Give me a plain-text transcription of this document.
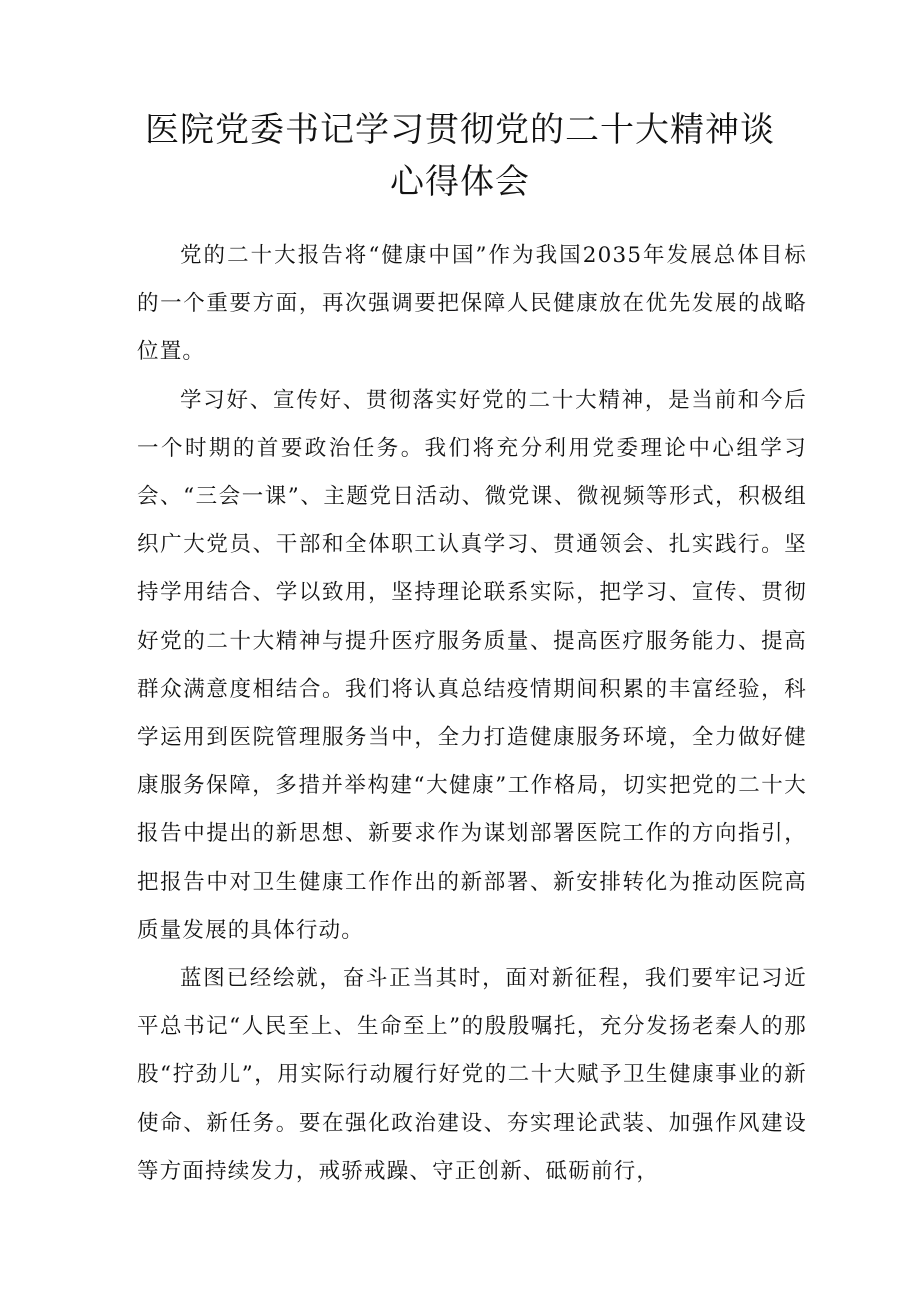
医院党委书记学习贯彻党的二十大精神谈
心得体会

党的二十大报告将“健康中国”作为我国2035年发展总体目标的一个重要方面，再次强调要把保障人民健康放在优先发展的战略位置。

学习好、宣传好、贯彻落实好党的二十大精神，是当前和今后一个时期的首要政治任务。我们将充分利用党委理论中心组学习会、“三会一课”、主题党日活动、微党课、微视频等形式，积极组织广大党员、干部和全体职工认真学习、贯通领会、扎实践行。坚持学用结合、学以致用，坚持理论联系实际，把学习、宣传、贯彻好党的二十大精神与提升医疗服务质量、提高医疗服务能力、提高群众满意度相结合。我们将认真总结疫情期间积累的丰富经验，科学运用到医院管理服务当中，全力打造健康服务环境，全力做好健康服务保障，多措并举构建“大健康”工作格局，切实把党的二十大报告中提出的新思想、新要求作为谋划部署医院工作的方向指引，把报告中对卫生健康工作作出的新部署、新安排转化为推动医院高质量发展的具体行动。

蓝图已经绘就，奋斗正当其时，面对新征程，我们要牢记习近平总书记“人民至上、生命至上”的殷殷嘱托，充分发扬老秦人的那股“拧劲儿”，用实际行动履行好党的二十大赋予卫生健康事业的新使命、新任务。要在强化政治建设、夯实理论武装、加强作风建设等方面持续发力，戒骄戒躁、守正创新、砥砺前行，
